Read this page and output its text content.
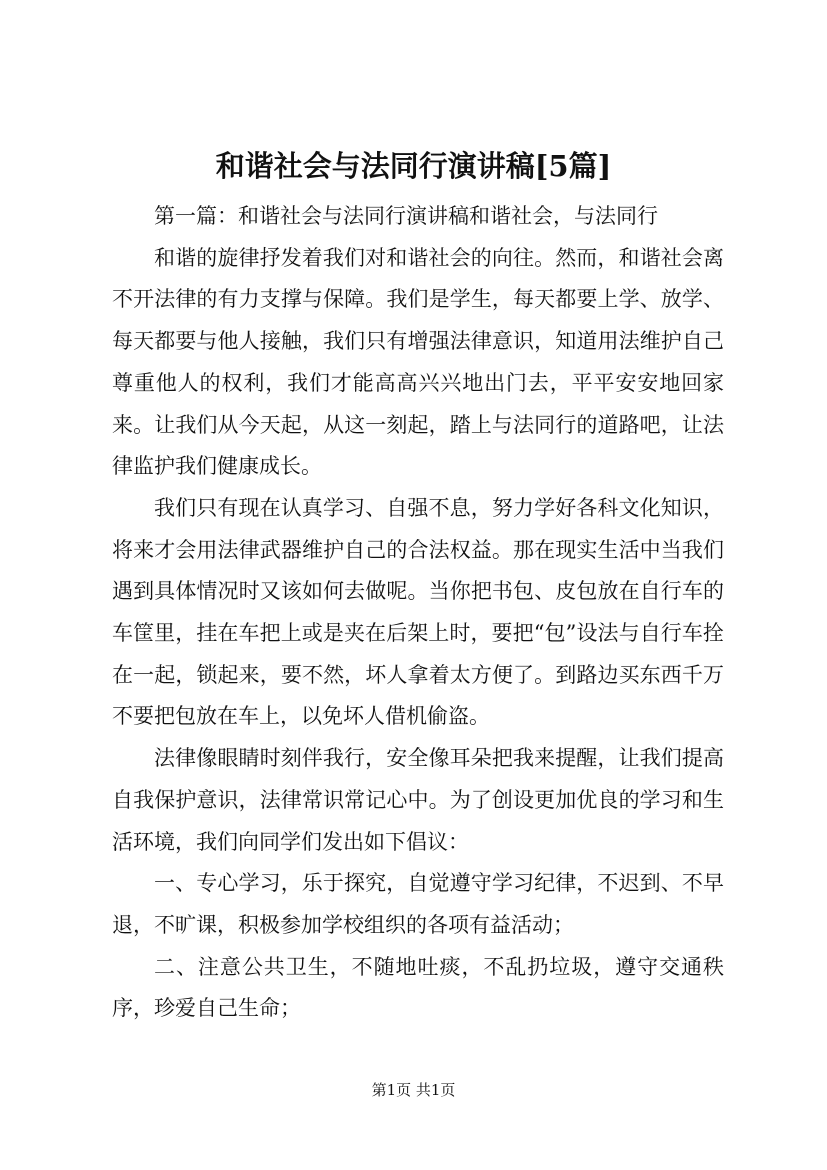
和谐社会与法同行演讲稿[5篇]

第一篇：和谐社会与法同行演讲稿和谐社会，与法同行

和谐的旋律抒发着我们对和谐社会的向往。然而，和谐社会离不开法律的有力支撑与保障。我们是学生，每天都要上学、放学、每天都要与他人接触，我们只有增强法律意识，知道用法维护自己尊重他人的权利，我们才能高高兴兴地出门去，平平安安地回家来。让我们从今天起，从这一刻起，踏上与法同行的道路吧，让法律监护我们健康成长。

我们只有现在认真学习、自强不息，努力学好各科文化知识，将来才会用法律武器维护自己的合法权益。那在现实生活中当我们遇到具体情况时又该如何去做呢。当你把书包、皮包放在自行车的车筐里，挂在车把上或是夹在后架上时，要把“包”设法与自行车拴在一起，锁起来，要不然，坏人拿着太方便了。到路边买东西千万不要把包放在车上，以免坏人借机偷盗。

法律像眼睛时刻伴我行，安全像耳朵把我来提醒，让我们提高自我保护意识，法律常识常记心中。为了创设更加优良的学习和生活环境，我们向同学们发出如下倡议：

一、专心学习，乐于探究，自觉遵守学习纪律，不迟到、不早退，不旷课，积极参加学校组织的各项有益活动；

二、注意公共卫生，不随地吐痰，不乱扔垃圾，遵守交通秩序，珍爱自己生命；

第1页 共1页
